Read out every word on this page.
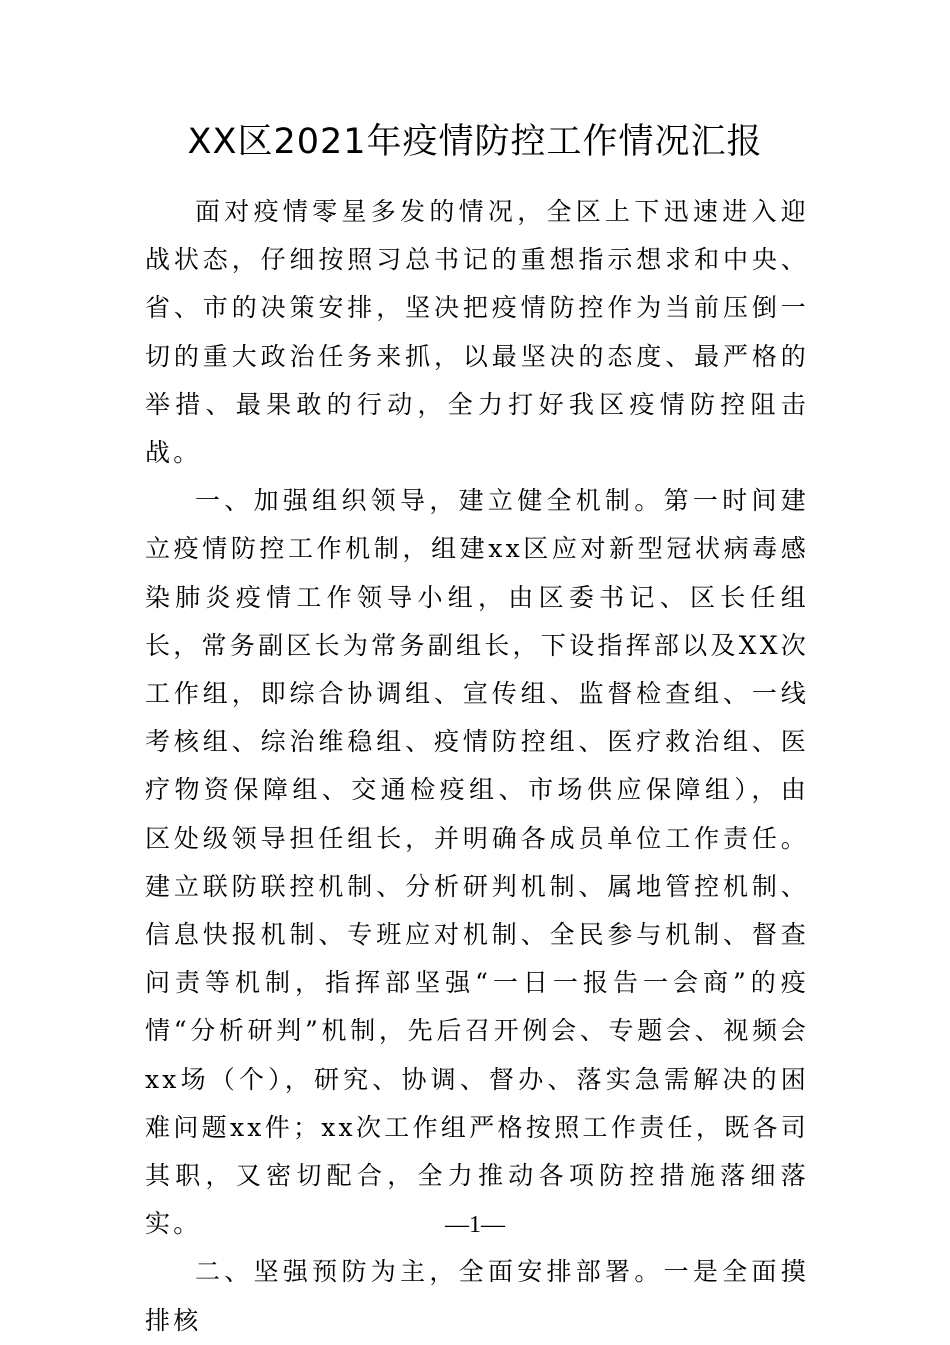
XX区2021年疫情防控工作情况汇报

面对疫情零星多发的情况，全区上下迅速进入迎战状态，仔细按照习总书记的重想指示想求和中央、省、市的决策安排，坚决把疫情防控作为当前压倒一切的重大政治任务来抓，以最坚决的态度、最严格的举措、最果敢的行动，全力打好我区疫情防控阻击战。

一、加强组织领导，建立健全机制。第一时间建立疫情防控工作机制，组建xx区应对新型冠状病毒感染肺炎疫情工作领导小组，由区委书记、区长任组长，常务副区长为常务副组长，下设指挥部以及XX次工作组，即综合协调组、宣传组、监督检查组、一线考核组、综治维稳组、疫情防控组、医疗救治组、医疗物资保障组、交通检疫组、市场供应保障组），由区处级领导担任组长，并明确各成员单位工作责任。建立联防联控机制、分析研判机制、属地管控机制、信息快报机制、专班应对机制、全民参与机制、督查问责等机制，指挥部坚强“一日一报告一会商”的疫情“分析研判”机制，先后召开例会、专题会、视频会xx场（个），研究、协调、督办、落实急需解决的困难问题xx件；xx次工作组严格按照工作责任，既各司其职，又密切配合，全力推动各项防控措施落细落实。

二、坚强预防为主，全面安排部署。一是全面摸排核

—1—
